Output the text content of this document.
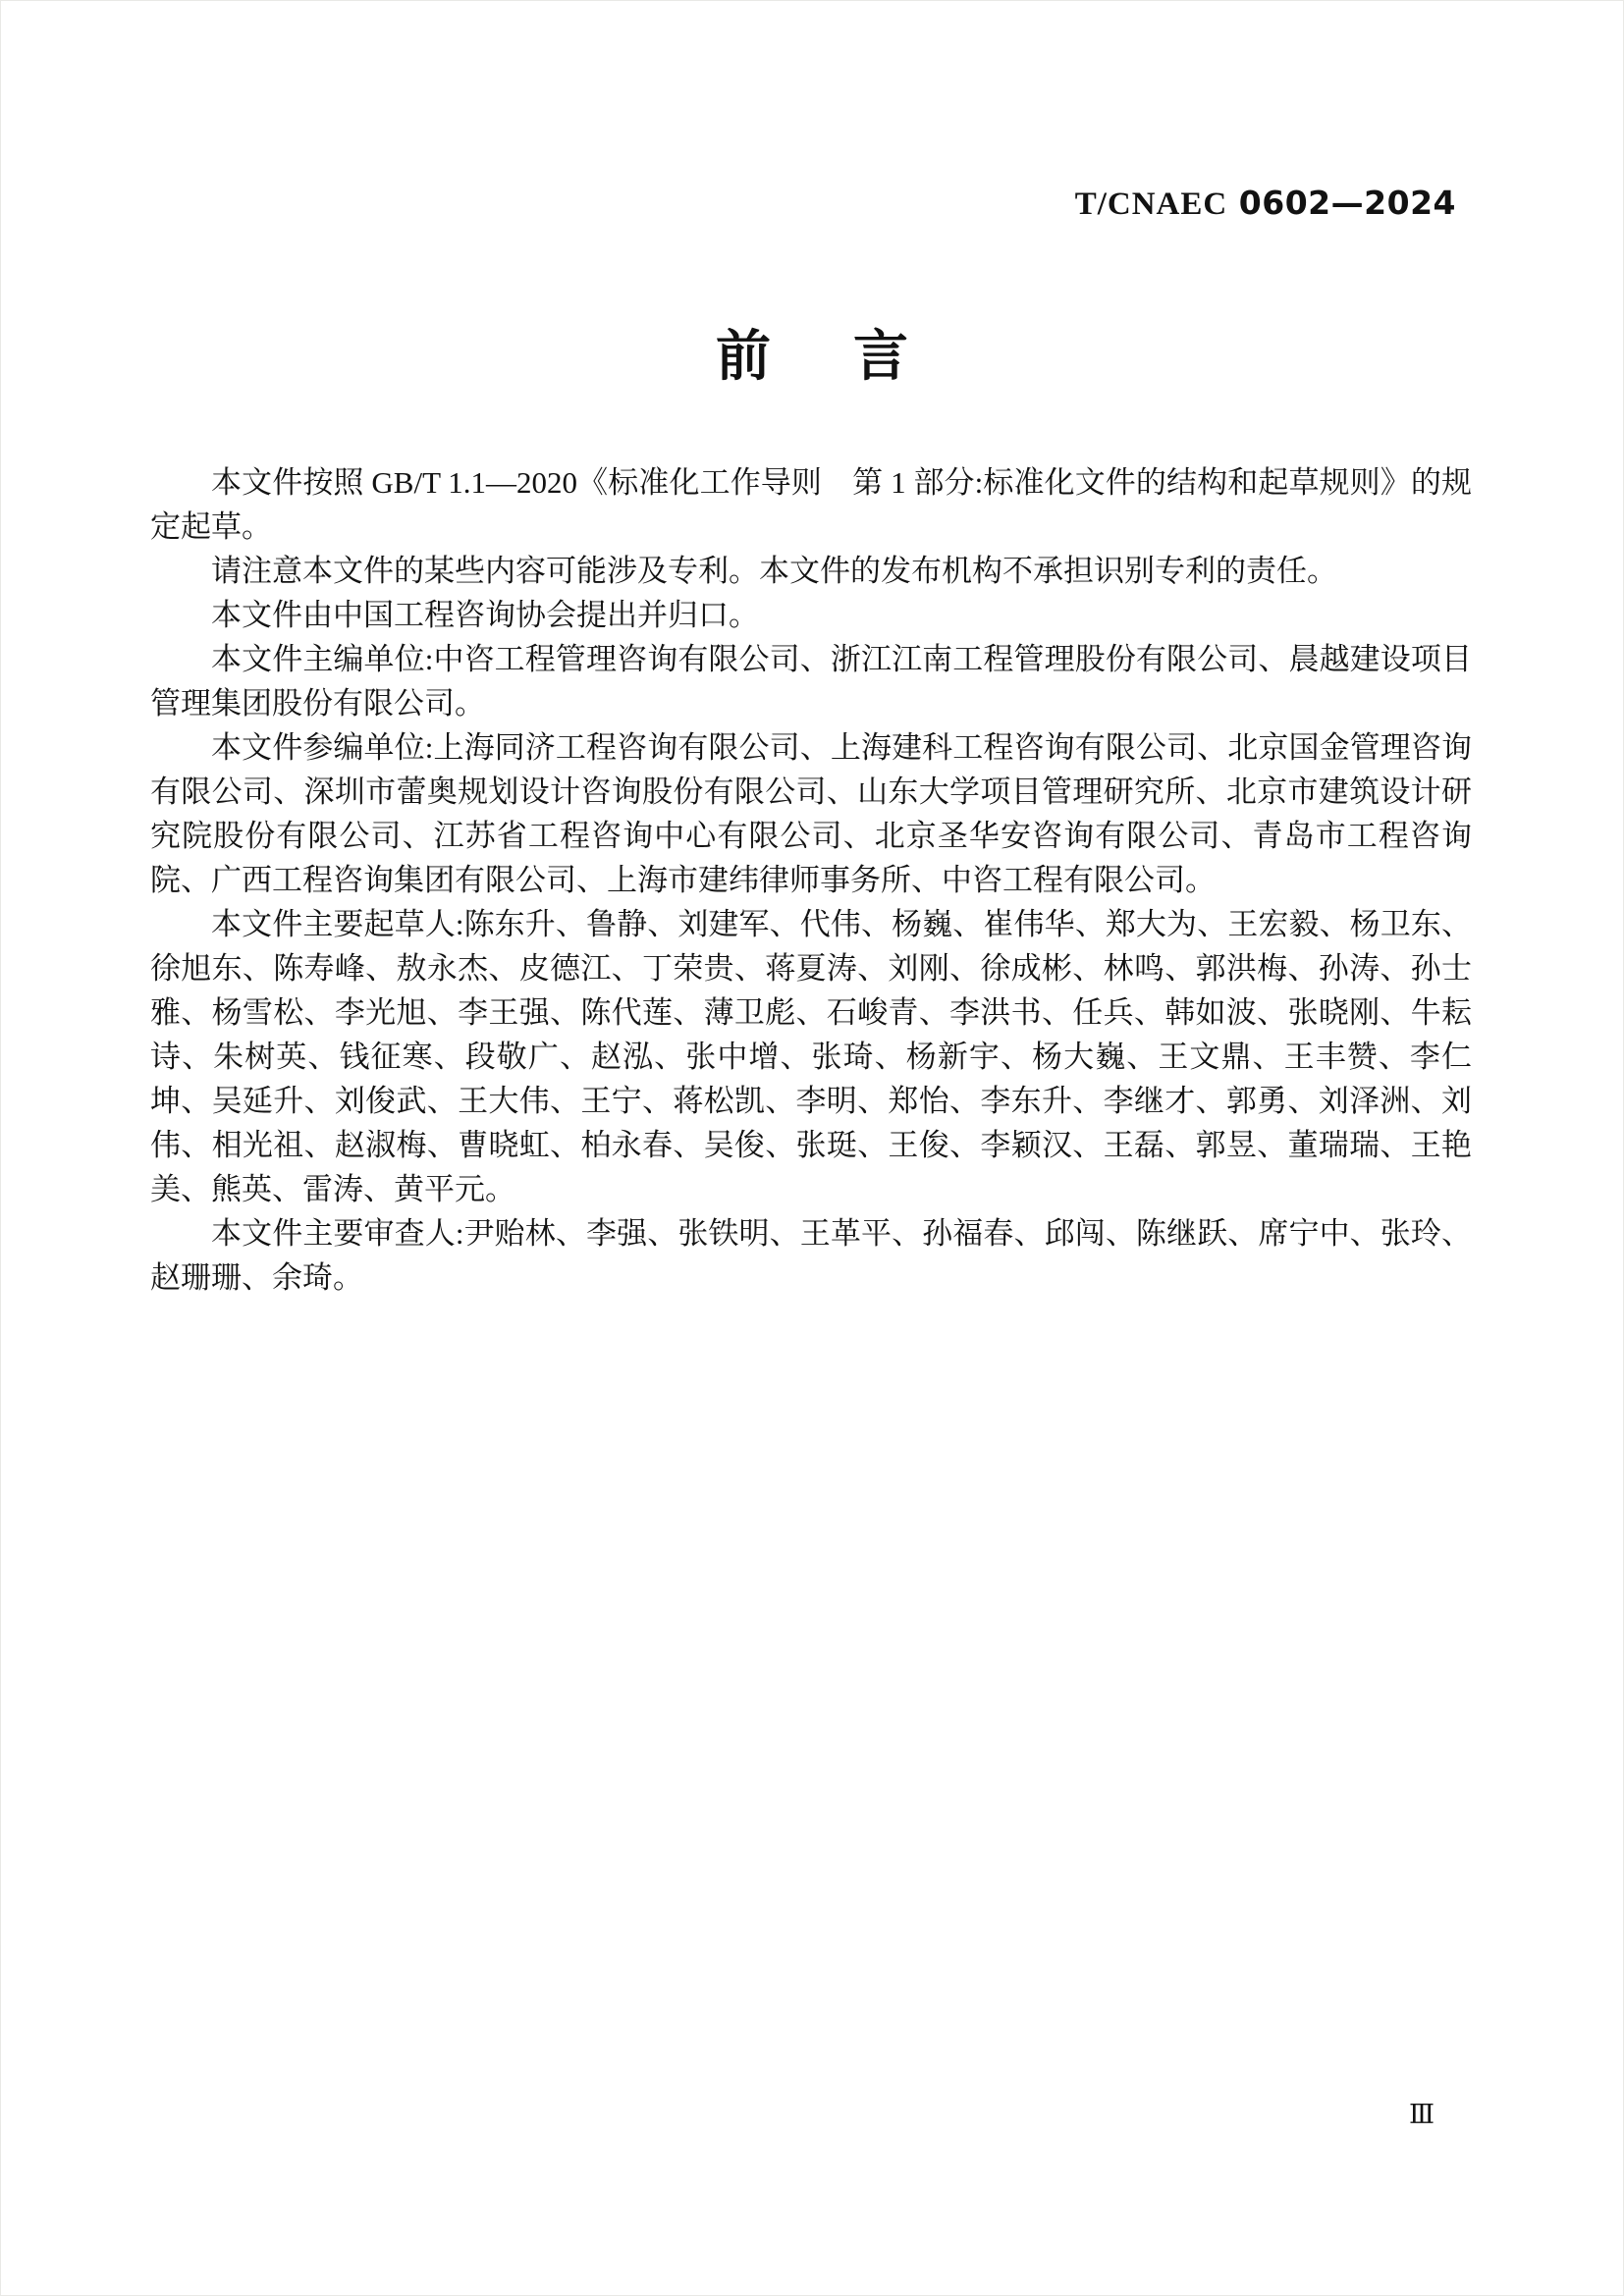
T/CNAEC 0602—2024
前言

本文件按照 GB/T 1.1—2020《标准化工作导则　第 1 部分:标准化文件的结构和起草规则》的规定起草。

请注意本文件的某些内容可能涉及专利。本文件的发布机构不承担识别专利的责任。

本文件由中国工程咨询协会提出并归口。

本文件主编单位:中咨工程管理咨询有限公司、浙江江南工程管理股份有限公司、晨越建设项目管理集团股份有限公司。

本文件参编单位:上海同济工程咨询有限公司、上海建科工程咨询有限公司、北京国金管理咨询有限公司、深圳市蕾奥规划设计咨询股份有限公司、山东大学项目管理研究所、北京市建筑设计研究院股份有限公司、江苏省工程咨询中心有限公司、北京圣华安咨询有限公司、青岛市工程咨询院、广西工程咨询集团有限公司、上海市建纬律师事务所、中咨工程有限公司。

本文件主要起草人:陈东升、鲁静、刘建军、代伟、杨巍、崔伟华、郑大为、王宏毅、杨卫东、徐旭东、陈寿峰、敖永杰、皮德江、丁荣贵、蒋夏涛、刘刚、徐成彬、林鸣、郭洪梅、孙涛、孙士雅、杨雪松、李光旭、李王强、陈代莲、薄卫彪、石峻青、李洪书、任兵、韩如波、张晓刚、牛耘诗、朱树英、钱征寒、段敬广、赵泓、张中增、张琦、杨新宇、杨大巍、王文鼎、王丰赞、李仁坤、吴延升、刘俊武、王大伟、王宁、蒋松凯、李明、郑怡、李东升、李继才、郭勇、刘泽洲、刘伟、相光祖、赵淑梅、曹晓虹、柏永春、吴俊、张珽、王俊、李颖汉、王磊、郭昱、董瑞瑞、王艳美、熊英、雷涛、黄平元。

本文件主要审查人:尹贻林、李强、张铁明、王革平、孙福春、邱闯、陈继跃、席宁中、张玲、赵珊珊、余琦。

Ⅲ
